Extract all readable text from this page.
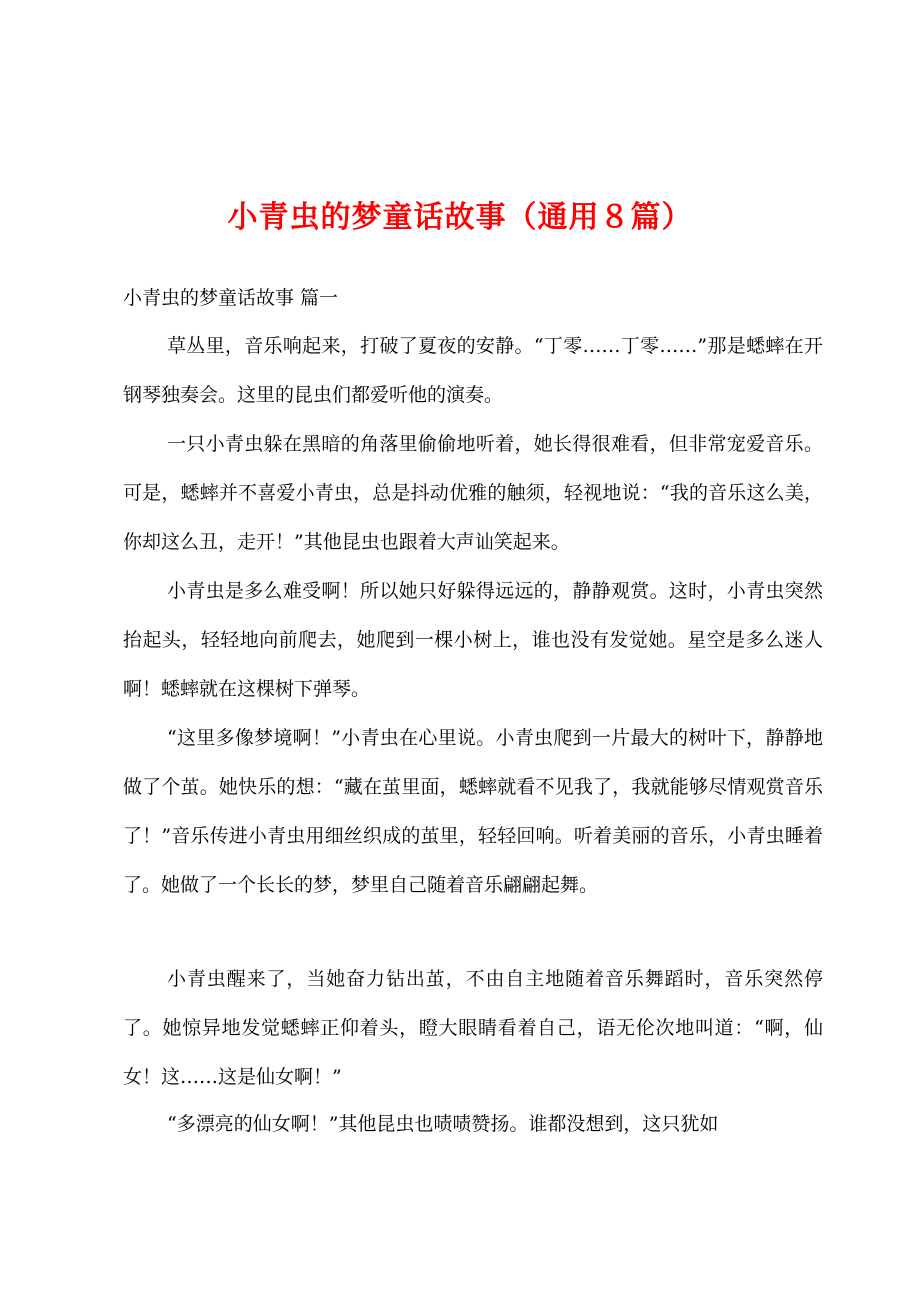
小青虫的梦童话故事（通用８篇）

小青虫的梦童话故事 篇一

草丛里，音乐响起来，打破了夏夜的安静。“丁零……丁零……”那是蟋蟀在开钢琴独奏会。这里的昆虫们都爱听他的演奏。

一只小青虫躲在黑暗的角落里偷偷地听着，她长得很难看，但非常宠爱音乐。可是，蟋蟀并不喜爱小青虫，总是抖动优雅的触须，轻视地说：“我的音乐这么美，你却这么丑，走开！”其他昆虫也跟着大声讪笑起来。

小青虫是多么难受啊！所以她只好躲得远远的，静静观赏。这时，小青虫突然抬起头，轻轻地向前爬去，她爬到一棵小树上，谁也没有发觉她。星空是多么迷人啊！蟋蟀就在这棵树下弹琴。

“这里多像梦境啊！”小青虫在心里说。小青虫爬到一片最大的树叶下，静静地做了个茧。她快乐的想：“藏在茧里面，蟋蟀就看不见我了，我就能够尽情观赏音乐了！”音乐传进小青虫用细丝织成的茧里，轻轻回响。听着美丽的音乐，小青虫睡着了。她做了一个长长的梦，梦里自己随着音乐翩翩起舞。

小青虫醒来了，当她奋力钻出茧，不由自主地随着音乐舞蹈时，音乐突然停了。她惊异地发觉蟋蟀正仰着头，瞪大眼睛看着自己，语无伦次地叫道：“啊，仙女！这……这是仙女啊！”

“多漂亮的仙女啊！”其他昆虫也啧啧赞扬。谁都没想到，这只犹如
